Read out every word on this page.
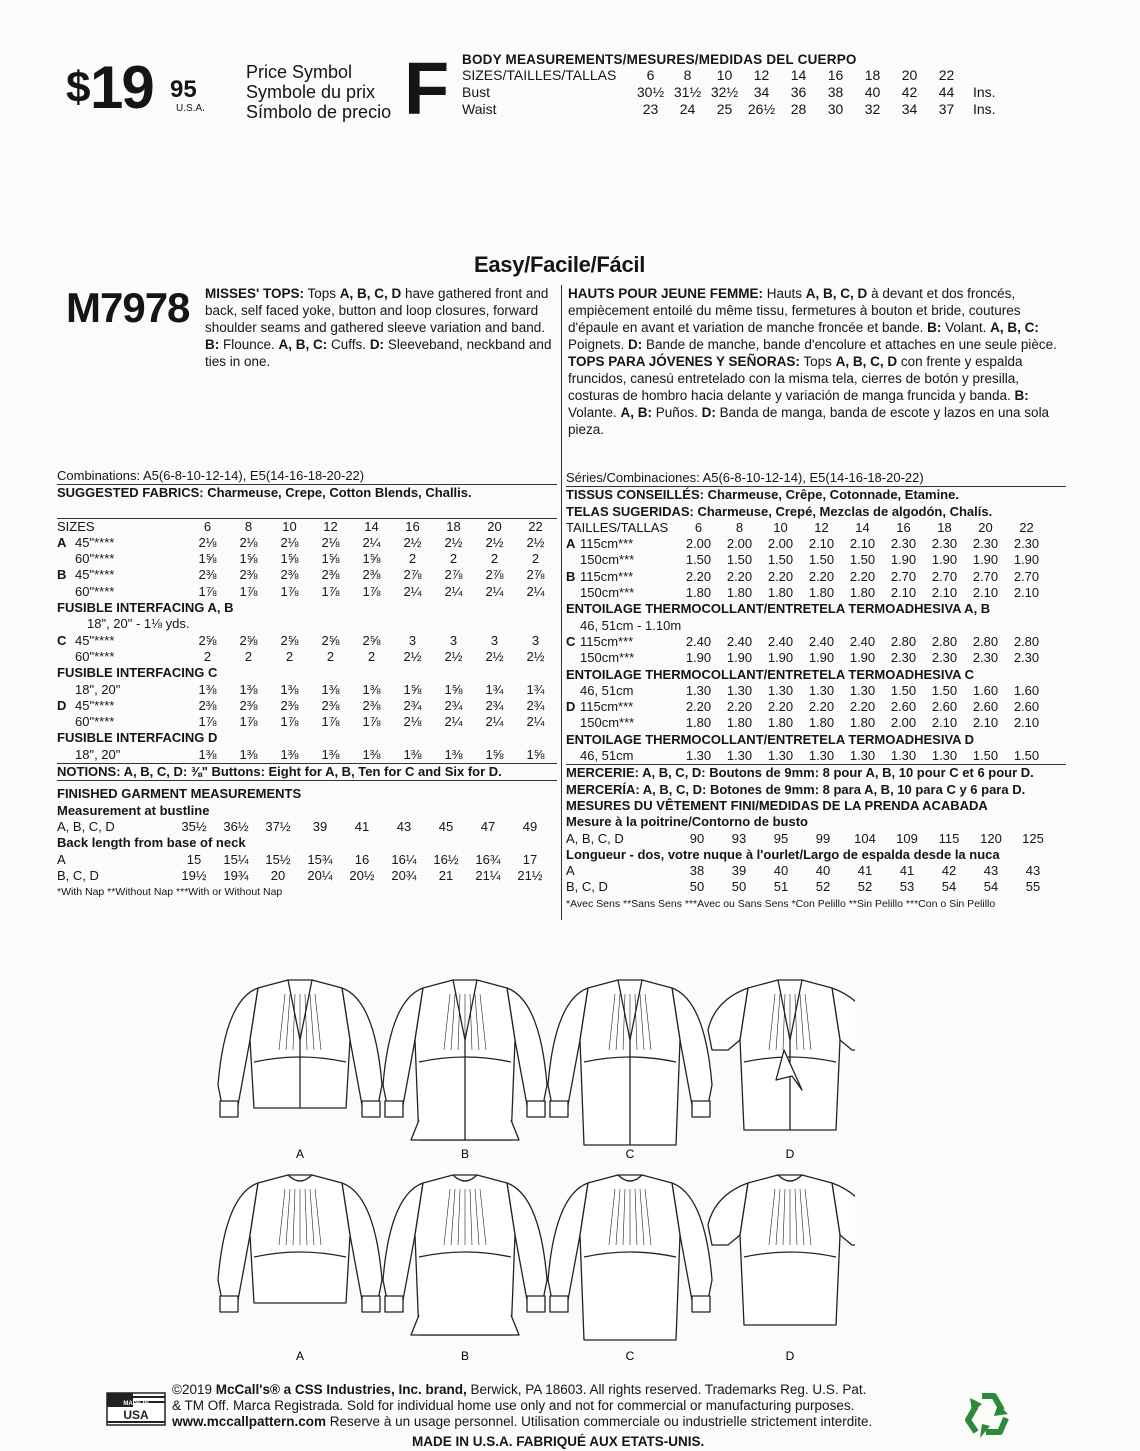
$ 19 95
U.S.A.
Price Symbol
Symbole du prix
Símbolo de precio F BODY MEASUREMENTS/MESURES/MEDIDAS DEL CUERPO
SIZES/TAILLES/TALLAS	6	8	10	12	14	16	18	20	22
Bust	30½ 31½ 32½	34	36	38	40	42	44	Ins.
Waist	23	24	25	26½	28	30	32	34	37	Ins.
Easy/Facile/Fácil
M7978 MISSES' TOPS: Tops A, B, C, D have gathered front and back, self faced yoke, button and loop closures, forward shoulder seams and gathered sleeve variation and band. B: Flounce. A, B, C: Cuffs. D: Sleeveband, neckband and ties in one.
HAUTS POUR JEUNE FEMME: Hauts A, B, C, D à devant et dos froncés, empiècement entoilé du même tissu, fermetures à bouton et bride, coutures d'épaule en avant et variation de manche froncée et bande. B: Volant. A, B, C: Poignets. D: Bande de manche, bande d'encolure et attaches en une seule pièce.
TOPS PARA JÓVENES Y SEÑORAS: Tops A, B, C, D con frente y espalda fruncidos, canesú entretelado con la misma tela, cierres de botón y presilla, costuras de hombro hacia delante y variación de manga fruncida y banda. B: Volante. A, B: Puños. D: Banda de manga, banda de escote y lazos en una sola pieza.
Combinations: A5(6-8-10-12-14), E5(14-16-18-20-22)
SUGGESTED FABRICS: Charmeuse, Crepe, Cotton Blends, Challis.
SIZES	6	8	10	12	14	16	18	20	22
A 45"****	2⅛	2⅛	2⅛	2⅛	2¼	2½	2½	2½	2½
60"****	1⅝	1⅝	1⅝	1⅝	1⅝	2	2	2	2
B 45"****	2⅜	2⅜	2⅜	2⅜	2⅜	2⅞	2⅞	2⅞	2⅞
60"****	1⅞	1⅞	1⅞	1⅞	1⅞	2¼	2¼	2¼	2¼
FUSIBLE INTERFACING A, B
18", 20" - 1⅛ yds.
C 45"****	2⅝	2⅝	2⅝	2⅝	2⅝	3	3	3	3
60"****	2	2	2	2	2	2½	2½	2½	2½
FUSIBLE INTERFACING C
18", 20"	1⅜	1⅜	1⅜	1⅜	1⅜	1⅝	1⅝	1¾	1¾
D 45"****	2⅜	2⅜	2⅜	2⅜	2⅜	2¾	2¾	2¾	2¾
60"****	1⅞	1⅞	1⅞	1⅞	1⅞	2⅛	2¼	2¼	2¼
FUSIBLE INTERFACING D
18", 20"	1⅜	1⅜	1⅜	1⅜	1⅜	1⅜	1⅜	1⅝	1⅝
NOTIONS: A, B, C, D: ⅜" Buttons: Eight for A, B, Ten for C and Six for D.
FINISHED GARMENT MEASUREMENTS
Measurement at bustline
A, B, C, D	35½	36½	37½	39	41	43	45	47	49
Back length from base of neck
A	15	15¼	15½	15¾	16	16¼	16½	16¾	17
B, C, D	19½	19¾	20	20¼	20½	20¾	21	21¼	21½
*With Nap **Without Nap ***With or Without Nap
Séries/Combinaciones: A5(6-8-10-12-14), E5(14-16-18-20-22)
TISSUS CONSEILLÉS: Charmeuse, Crêpe, Cotonnade, Etamine.
TELAS SUGERIDAS: Charmeuse, Crepé, Mezclas de algodón, Chalís.
TAILLES/TALLAS	6	8	10	12	14	16	18	20	22
A 115cm***	2.00	2.00	2.00	2.10	2.10	2.30	2.30	2.30	2.30
150cm***	1.50	1.50	1.50	1.50	1.50	1.90	1.90	1.90	1.90
B 115cm***	2.20	2.20	2.20	2.20	2.20	2.70	2.70	2.70	2.70
150cm***	1.80	1.80	1.80	1.80	1.80	2.10	2.10	2.10	2.10
ENTOILAGE THERMOCOLLANT/ENTRETELA TERMOADHESIVA A, B
46, 51cm - 1.10m
C 115cm***	2.40	2.40	2.40	2.40	2.40	2.80	2.80	2.80	2.80
150cm***	1.90	1.90	1.90	1.90	1.90	2.30	2.30	2.30	2.30
ENTOILAGE THERMOCOLLANT/ENTRETELA TERMOADHESIVA C
46, 51cm	1.30	1.30	1.30	1.30	1.30	1.50	1.50	1.60	1.60
D 115cm***	2.20	2.20	2.20	2.20	2.20	2.60	2.60	2.60	2.60
150cm***	1.80	1.80	1.80	1.80	1.80	2.00	2.10	2.10	2.10
ENTOILAGE THERMOCOLLANT/ENTRETELA TERMOADHESIVA D
46, 51cm	1.30	1.30	1.30	1.30	1.30	1.30	1.30	1.50	1.50
MERCERIE: A, B, C, D: Boutons de 9mm: 8 pour A, B, 10 pour C et 6 pour D.
MERCERÍA: A, B, C, D: Botones de 9mm: 8 para A, B, 10 para C y 6 para D.
MESURES DU VÊTEMENT FINI/MEDIDAS DE LA PRENDA ACABADA
Mesure à la poitrine/Contorno de busto
A, B, C, D	90	93	95	99	104	109	115	120	125
Longueur - dos, votre nuque à l'ourlet/Largo de espalda desde la nuca
A	38	39	40	40	41	41	42	43	43
B, C, D	50	50	51	52	52	53	54	54	55
*Avec Sens **Sans Sens ***Avec ou Sans Sens *Con Pelillo **Sin Pelillo ***Con o Sin Pelillo
A	B	C	D
A	B	C	D
MADE IN
USA
©2019 McCall's® a CSS Industries, Inc. brand, Berwick, PA 18603. All rights reserved. Trademarks Reg. U.S. Pat.
& TM Off. Marca Registrada. Sold for individual home use only and not for commercial or manufacturing purposes.
www.mccallpattern.com Reserve à un usage personnel. Utilisation commerciale ou industrielle strictement interdite.
MADE IN U.S.A. FABRIQUÉ AUX ETATS-UNIS.
